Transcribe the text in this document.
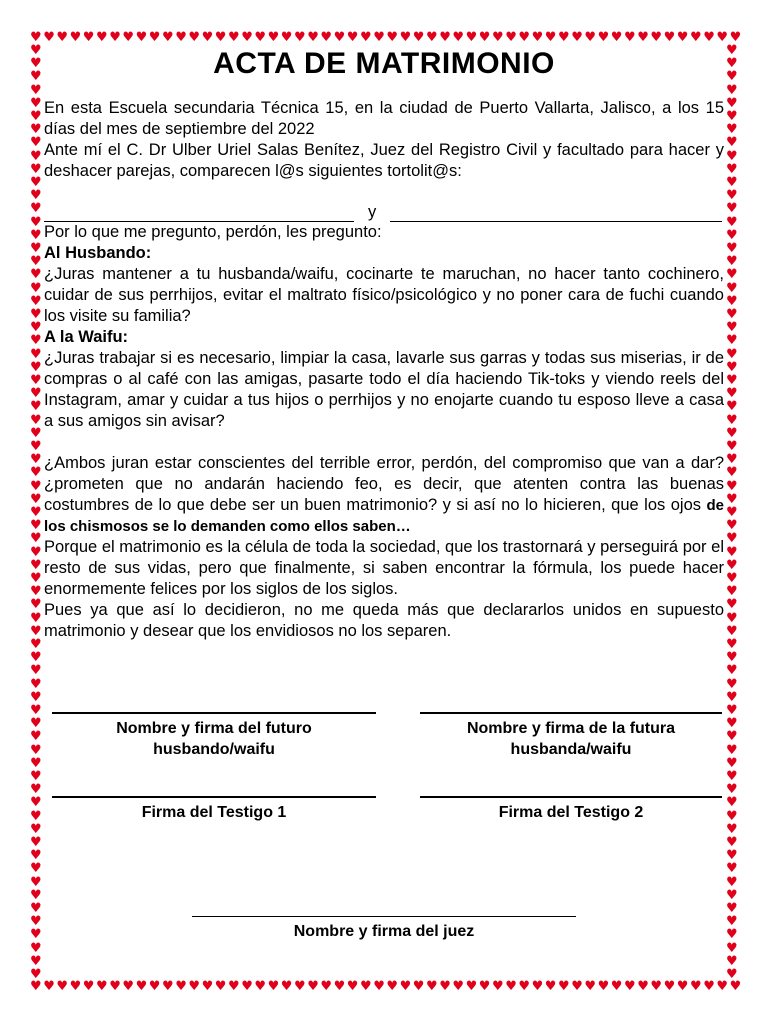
♥
♥
♥
♥
♥
♥
♥
♥
♥
♥
♥
♥
♥
♥
♥
♥
♥
♥
♥
♥
♥
♥
♥
♥
♥
♥
♥
♥
♥
♥
♥
♥
♥
♥
♥
♥
♥
♥
♥
♥
♥
♥
♥
♥
♥
♥
♥
♥
♥
♥
♥
♥
♥
♥
♥
♥
♥
♥
♥
♥
♥
♥
♥
♥
♥
♥
♥
♥
♥
♥
♥
♥
♥
♥
♥
♥
♥
♥
♥
♥
♥
♥
♥
♥
♥
♥
♥
♥
♥
♥
♥
♥
♥
♥
♥
♥
♥
♥
♥
♥
♥
♥
♥
♥
♥
♥
♥
♥
♥	♥
♥	♥
♥	♥
♥	♥
♥	♥
♥	♥
♥	♥
♥	♥
♥	♥
♥	♥
♥	♥
♥	♥
♥	♥
♥	♥
♥	♥
♥	♥
♥	♥
♥	♥
♥	♥
♥	♥
♥	♥
♥	♥
♥	♥
♥	♥
♥	♥
♥	♥
♥	♥
♥	♥
♥	♥
♥	♥
♥	♥
♥	♥
♥	♥
♥	♥
♥	♥
♥	♥
♥	♥
♥	♥
♥	♥
♥	♥
♥	♥
♥	♥
♥	♥
♥	♥
♥	♥
♥	♥
♥	♥
♥	♥
♥	♥
♥	♥
♥	♥
♥	♥
♥	♥
♥	♥
♥	♥
♥	♥
♥	♥
♥	♥
♥	♥
♥	♥
♥	♥
♥	♥
♥	♥
♥	♥
♥	♥
♥	♥
♥	♥
♥	♥
♥	♥
♥	♥
♥	♥
ACTA DE MATRIMONIO

En esta Escuela secundaria Técnica 15, en la ciudad de Puerto Vallarta, Jalisco, a los 15 días del mes de septiembre del 2022

Ante mí el C. Dr Ulber Uriel Salas Benítez, Juez del Registro Civil y facultado para hacer y deshacer parejas, comparecen l@s siguientes tortolit@s:

y

Por lo que me pregunto, perdón, les pregunto:

Al Husbando:

¿Juras mantener a tu husbanda/waifu, cocinarte te maruchan, no hacer tanto cochinero, cuidar de sus perrhijos, evitar el maltrato físico/psicológico y no poner cara de fuchi cuando los visite su familia?

A la Waifu:

¿Juras trabajar si es necesario, limpiar la casa, lavarle sus garras y todas sus miserias, ir de compras o al café con las amigas, pasarte todo el día haciendo Tik-toks y viendo reels del Instagram, amar y cuidar a tus hijos o perrhijos y no enojarte cuando tu esposo lleve a casa a sus amigos sin avisar?

¿Ambos juran estar conscientes del terrible error, perdón, del compromiso que van a dar? ¿prometen que no andarán haciendo feo, es decir, que atenten contra las buenas costumbres de lo que debe ser un buen matrimonio? y si así no lo hicieren, que los ojos de los chismosos se lo demanden como ellos saben…

Porque el matrimonio es la célula de toda la sociedad, que los trastornará y perseguirá por el resto de sus vidas, pero que finalmente, si saben encontrar la fórmula, los puede hacer enormemente felices por los siglos de los siglos.

Pues ya que así lo decidieron, no me queda más que declararlos unidos en supuesto matrimonio y desear que los envidiosos no los separen.

Nombre y firma del futuro
husbando/waifu
Nombre y firma de la futura
husbanda/waifu
Firma del Testigo 1	Firma del Testigo 2
Nombre y firma del juez
